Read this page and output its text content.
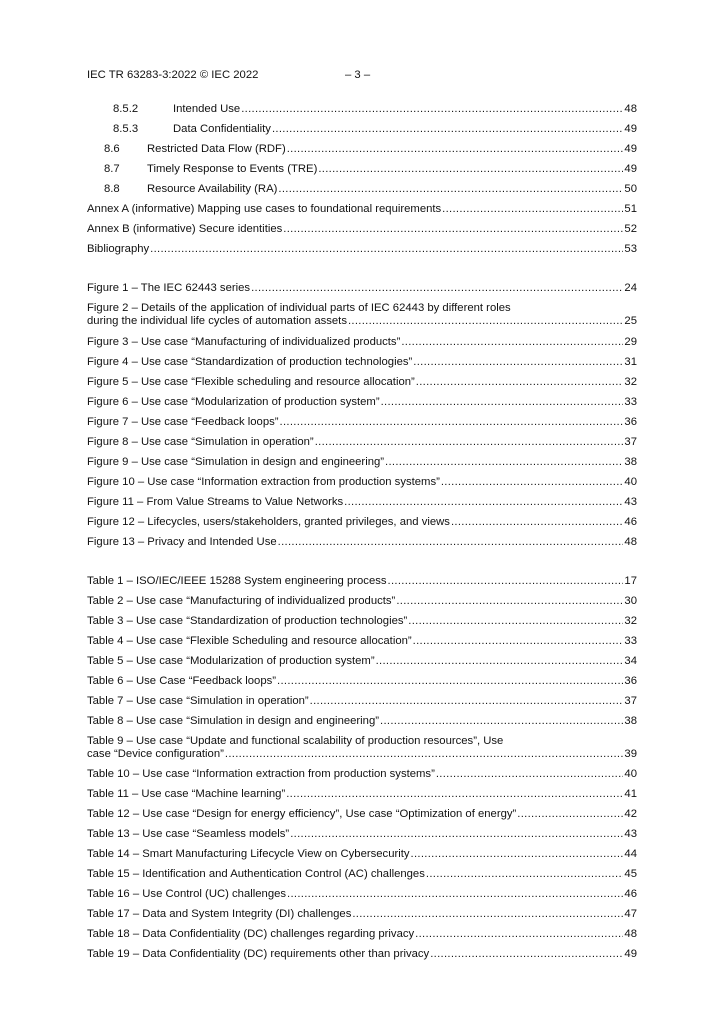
IEC TR 63283-3:2022 © IEC 2022	– 3 –
8.5.2	Intended Use .....	48
8.5.3	Data Confidentiality .....	49
8.6	Restricted Data Flow (RDF) .....	49
8.7	Timely Response to Events (TRE) .....	49
8.8	Resource Availability (RA) .....	50
Annex A (informative) Mapping use cases to foundational requirements .....	51
Annex B (informative) Secure identities .....	52
Bibliography .....	53
Figure 1 – The IEC 62443 series .....	24
Figure 2 – Details of the application of individual parts of IEC 62443 by different roles
during the individual life cycles of automation assets .....	25
Figure 3 – Use case “Manufacturing of individualized products” .....	29
Figure 4 – Use case “Standardization of production technologies” .....	31
Figure 5 – Use case “Flexible scheduling and resource allocation” .....	32
Figure 6 – Use case “Modularization of production system” .....	33
Figure 7 – Use case “Feedback loops” .....	36
Figure 8 – Use case “Simulation in operation” .....	37
Figure 9 – Use case “Simulation in design and engineering” .....	38
Figure 10 – Use case “Information extraction from production systems” .....	40
Figure 11 – From Value Streams to Value Networks .....	43
Figure 12 – Lifecycles, users/stakeholders, granted privileges, and views .....	46
Figure 13 – Privacy and Intended Use .....	48
Table 1 – ISO/IEC/IEEE 15288 System engineering process .....	17
Table 2 – Use case “Manufacturing of individualized products” .....	30
Table 3 – Use case “Standardization of production technologies” .....	32
Table 4 – Use case “Flexible Scheduling and resource allocation” .....	33
Table 5 – Use case “Modularization of production system” .....	34
Table 6 – Use Case “Feedback loops” .....	36
Table 7 – Use case “Simulation in operation” .....	37
Table 8 – Use case “Simulation in design and engineering” .....	38
Table 9 – Use case “Update and functional scalability of production resources”, Use
case “Device configuration” .....	39
Table 10 – Use case “Information extraction from production systems” .....	40
Table 11 – Use case “Machine learning” .....	41
Table 12 – Use case “Design for energy efficiency”, Use case “Optimization of energy” .....	42
Table 13 – Use case “Seamless models” .....	43
Table 14 – Smart Manufacturing Lifecycle View on Cybersecurity .....	44
Table 15 – Identification and Authentication Control (AC) challenges .....	45
Table 16 – Use Control (UC) challenges .....	46
Table 17 – Data and System Integrity (DI) challenges .....	47
Table 18 – Data Confidentiality (DC) challenges regarding privacy .....	48
Table 19 – Data Confidentiality (DC) requirements other than privacy .....	49
